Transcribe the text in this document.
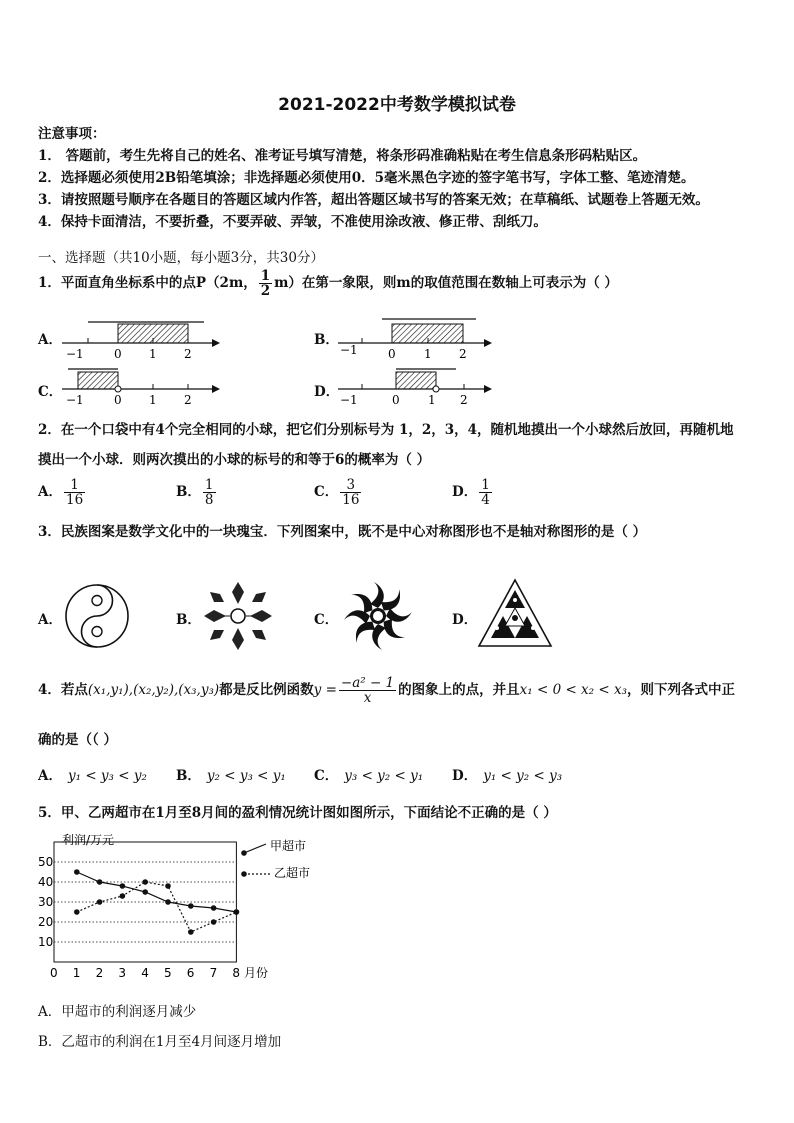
2021-2022中考数学模拟试卷
注意事项：
1． 答题前，考生先将自己的姓名、准考证号填写清楚，将条形码准确粘贴在考生信息条形码粘贴区。
2．选择题必须使用2B铅笔填涂；非选择题必须使用0．5毫米黑色字迹的签字笔书写，字体工整、笔迹清楚。
3．请按照题号顺序在各题目的答题区域内作答，超出答题区域书写的答案无效；在草稿纸、试题卷上答题无效。
4．保持卡面清洁，不要折叠，不要弄破、弄皱，不准使用涂改液、修正带、刮纸刀。
一、选择题（共10小题，每小题3分，共30分）
1．平面直角坐标系中的点P（2m， $\frac{1}{2} m$）在第一象限，则m的取值范围在数轴上可表示为（ ）
A．	B．
C．	D．
−1	0 1 2	−1	0 1 2
−1	0 1 2	−1	0 1 2
2．在一个口袋中有4个完全相同的小球，把它们分别标号为 1，2，3，4，随机地摸出一个小球然后放回，再随机地
摸出一个小球．则两次摸出的小球的标号的和等于6的概率为（ ）
A． $\frac{1}{16}$	B． $\frac{1}{8}$	C． $\frac{3}{16}$	D． $\frac{1}{4}$
3．民族图案是数学文化中的一块瑰宝．下列图案中，既不是中心对称图形也不是轴对称图形的是（ ）
A．	B．	C．	D．
4．若点(x₁,y₁),(x₂,y₂),(x₃,y₃)都是反比例函数$y = \frac{\text{−a² − 1}}{x}$ 的图象上的点，并且x₁ < 0 < x₂ < x₃，则下列各式中正
确的是（（ ）
A． y₁ < y₃ < y₂ B． y₂ < y₃ < y₁ C． y₃ < y₂ < y₁ D． y₁ < y₂ < y₃
5．甲、乙两超市在1月至8月间的盈利情况统计图如图所示，下面结论不正确的是（ ）
利润/万元
月份
甲超市
乙超市
10
20
30
40
50
0 1 2 3 4 5 6 7 8
A．甲超市的利润逐月减少
B．乙超市的利润在1月至4月间逐月增加
